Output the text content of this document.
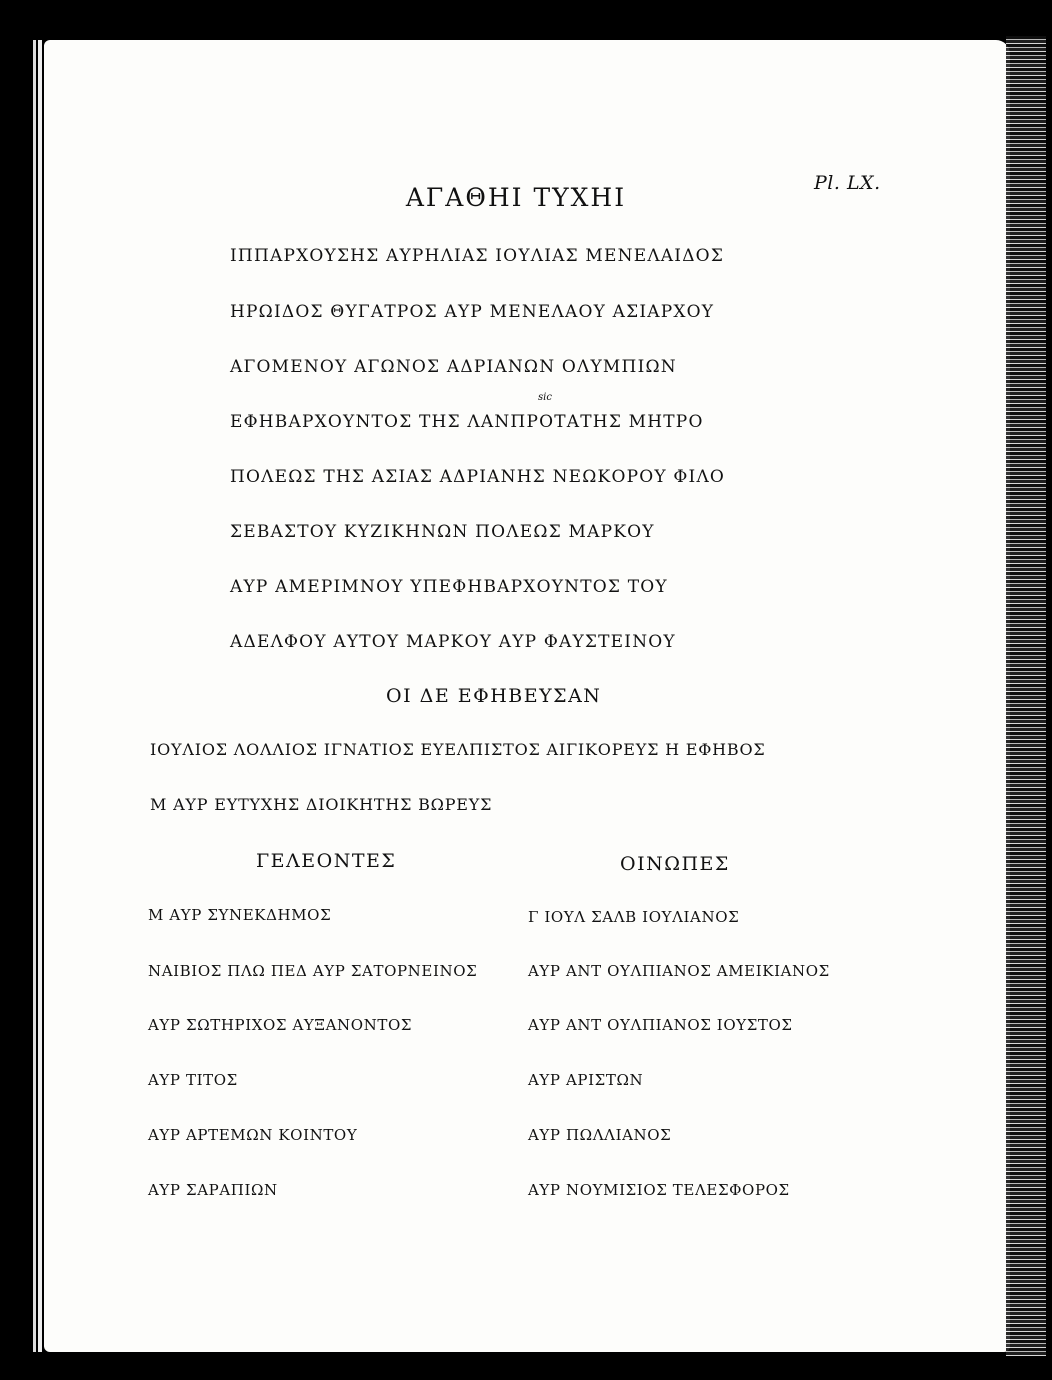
Pl. LX.
ΑΓΑΘΗΙ ΤΥΧΗΙ
sic
ΙΠΠΑΡΧΟΥΣΗΣ ΑΥΡΗΛΙΑΣ ΙΟΥΛΙΑΣ ΜΕΝΕΛΑΙΔΟΣ
ΗΡΩΙΔΟΣ ΘΥΓΑΤΡΟΣ ΑΥΡ ΜΕΝΕΛΑΟΥ ΑΣΙΑΡΧΟΥ
ΑΓΟΜΕΝΟΥ ΑΓΩΝΟΣ ΑΔΡΙΑΝΩΝ ΟΛΥΜΠΙΩΝ
ΕΦΗΒΑΡΧΟΥΝΤΟΣ ΤΗΣ ΛΑΝΠΡΟΤΑΤΗΣ ΜΗΤΡΟ
ΠΟΛΕΩΣ ΤΗΣ ΑΣΙΑΣ ΑΔΡΙΑΝΗΣ ΝΕΩΚΟΡΟΥ ΦΙΛΟ
ΣΕΒΑΣΤΟΥ ΚΥΖΙΚΗΝΩΝ ΠΟΛΕΩΣ ΜΑΡΚΟΥ
ΑΥΡ ΑΜΕΡΙΜΝΟΥ ΥΠΕΦΗΒΑΡΧΟΥΝΤΟΣ ΤΟΥ
ΑΔΕΛΦΟΥ ΑΥΤΟΥ ΜΑΡΚΟΥ ΑΥΡ ΦΑΥΣΤΕΙΝΟΥ
ΟΙ ΔΕ ΕΦΗΒΕΥΣΑΝ
ΙΟΥΛΙΟΣ ΛΟΛΛΙΟΣ ΙΓΝΑΤΙΟΣ ΕΥΕΛΠΙΣΤΟΣ ΑΙΓΙΚΟΡΕΥΣ Η ΕΦΗΒΟΣ
Μ ΑΥΡ ΕΥΤΥΧΗΣ ΔΙΟΙΚΗΤΗΣ ΒΩΡΕΥΣ
ΓΕΛΕΟΝΤΕΣ	ΟΙΝΩΠΕΣ
Μ ΑΥΡ ΣΥΝΕΚΔΗΜΟΣ
ΝΑΙΒΙΟΣ ΠΛΩ ΠΕΔ ΑΥΡ ΣΑΤΟΡΝΕΙΝΟΣ
ΑΥΡ ΣΩΤΗΡΙΧΟΣ ΑΥΞΑΝΟΝΤΟΣ
ΑΥΡ ΤΙΤΟΣ
ΑΥΡ ΑΡΤΕΜΩΝ ΚΟΙΝΤΟΥ
ΑΥΡ ΣΑΡΑΠΙΩΝ
Γ ΙΟΥΛ ΣΑΛΒ ΙΟΥΛΙΑΝΟΣ
ΑΥΡ ΑΝΤ ΟΥΛΠΙΑΝΟΣ ΑΜΕΙΚΙΑΝΟΣ
ΑΥΡ ΑΝΤ ΟΥΛΠΙΑΝΟΣ ΙΟΥΣΤΟΣ
ΑΥΡ ΑΡΙΣΤΩΝ
ΑΥΡ ΠΩΛΛΙΑΝΟΣ
ΑΥΡ ΝΟΥΜΙΣΙΟΣ ΤΕΛΕΣΦΟΡΟΣ
